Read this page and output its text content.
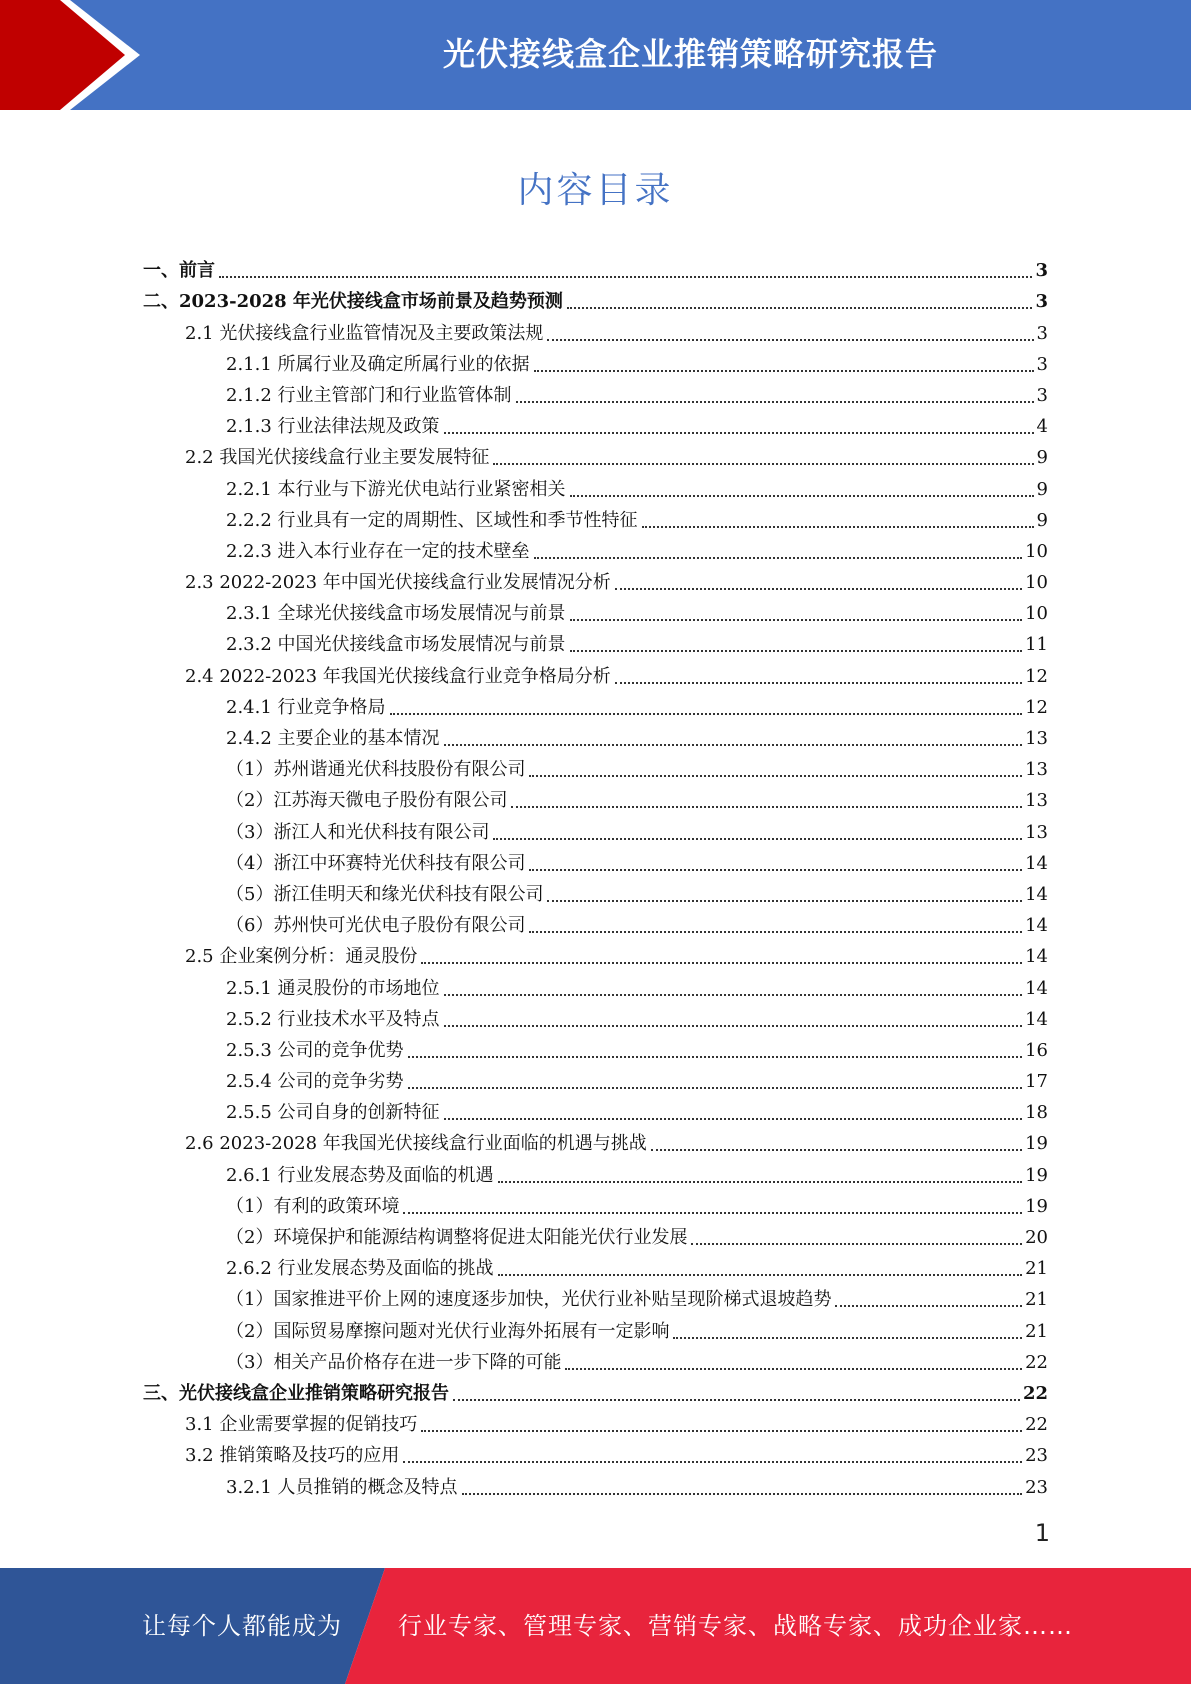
光伏接线盒企业推销策略研究报告
内容目录
一、前言	3
二、2023-2028 年光伏接线盒市场前景及趋势预测	3
2.1 光伏接线盒行业监管情况及主要政策法规	3
2.1.1 所属行业及确定所属行业的依据	3
2.1.2 行业主管部门和行业监管体制	3
2.1.3 行业法律法规及政策	4
2.2 我国光伏接线盒行业主要发展特征	9
2.2.1 本行业与下游光伏电站行业紧密相关	9
2.2.2 行业具有一定的周期性、区域性和季节性特征	9
2.2.3 进入本行业存在一定的技术壁垒	10
2.3 2022-2023 年中国光伏接线盒行业发展情况分析	10
2.3.1 全球光伏接线盒市场发展情况与前景	10
2.3.2 中国光伏接线盒市场发展情况与前景	11
2.4 2022-2023 年我国光伏接线盒行业竞争格局分析	12
2.4.1 行业竞争格局	12
2.4.2 主要企业的基本情况	13
（1）苏州谐通光伏科技股份有限公司	13
（2）江苏海天微电子股份有限公司	13
（3）浙江人和光伏科技有限公司	13
（4）浙江中环赛特光伏科技有限公司	14
（5）浙江佳明天和缘光伏科技有限公司	14
（6）苏州快可光伏电子股份有限公司	14
2.5 企业案例分析：通灵股份	14
2.5.1 通灵股份的市场地位	14
2.5.2 行业技术水平及特点	14
2.5.3 公司的竞争优势	16
2.5.4 公司的竞争劣势	17
2.5.5 公司自身的创新特征	18
2.6 2023-2028 年我国光伏接线盒行业面临的机遇与挑战	19
2.6.1 行业发展态势及面临的机遇	19
（1）有利的政策环境	19
（2）环境保护和能源结构调整将促进太阳能光伏行业发展	20
2.6.2 行业发展态势及面临的挑战	21
（1）国家推进平价上网的速度逐步加快，光伏行业补贴呈现阶梯式退坡趋势	21
（2）国际贸易摩擦问题对光伏行业海外拓展有一定影响	21
（3）相关产品价格存在进一步下降的可能	22
三、光伏接线盒企业推销策略研究报告	22
3.1 企业需要掌握的促销技巧	22
3.2 推销策略及技巧的应用	23
3.2.1 人员推销的概念及特点	23
1
让每个人都能成为 行业专家、管理专家、营销专家、战略专家、成功企业家……
